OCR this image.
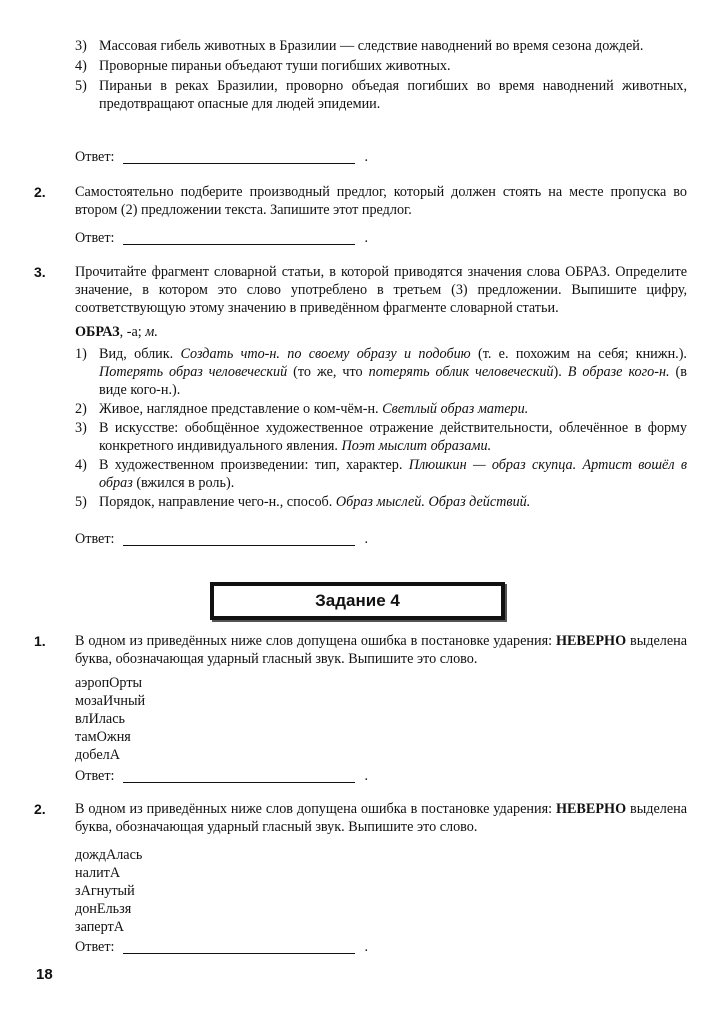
3) Массовая гибель животных в Бразилии — следствие наводнений во время сезона дождей.
4) Проворные пираньи объедают туши погибших животных.
5) Пираньи в реках Бразилии, проворно объедая погибших во время наводнений животных, предотвращают опасные для людей эпидемии.
Ответ:	.
2. Самостоятельно подберите производный предлог, который должен стоять на месте пропуска во втором (2) предложении текста. Запишите этот предлог.
Ответ:	.
3. Прочитайте фрагмент словарной статьи, в которой приводятся значения слова ОБРАЗ. Определите значение, в котором это слово употреблено в третьем (3) предложении. Выпишите цифру, соответствующую этому значению в приведённом фрагменте словарной статьи.
ОБРАЗ, -а; м.
1) Вид, облик. Создать что-н. по своему образу и подобию (т. е. похожим на себя; книжн.). Потерять образ человеческий (то же, что потерять облик человеческий). В образе кого-н. (в виде кого-н.).
2) Живое, наглядное представление о ком-чём-н. Светлый образ матери.
3) В искусстве: обобщённое художественное отражение действительности, облечённое в форму конкретного индивидуального явления. Поэт мыслит образами.
4) В художественном произведении: тип, характер. Плюшкин — образ скупца. Артист вошёл в образ (вжился в роль).
5) Порядок, направление чего-н., способ. Образ мыслей. Образ действий.
Ответ:	.
Задание 4
1. В одном из приведённых ниже слов допущена ошибка в постановке ударения: НЕВЕРНО выделена буква, обозначающая ударный гласный звук. Выпишите это слово.
аэропОрты
мозаИчный
влИлась
тамОжня
добелА
Ответ:	.
2. В одном из приведённых ниже слов допущена ошибка в постановке ударения: НЕВЕРНО выделена буква, обозначающая ударный гласный звук. Выпишите это слово.
дождАлась
налитА
зАгнутый
донЕльзя
запертА
Ответ:	.
18
